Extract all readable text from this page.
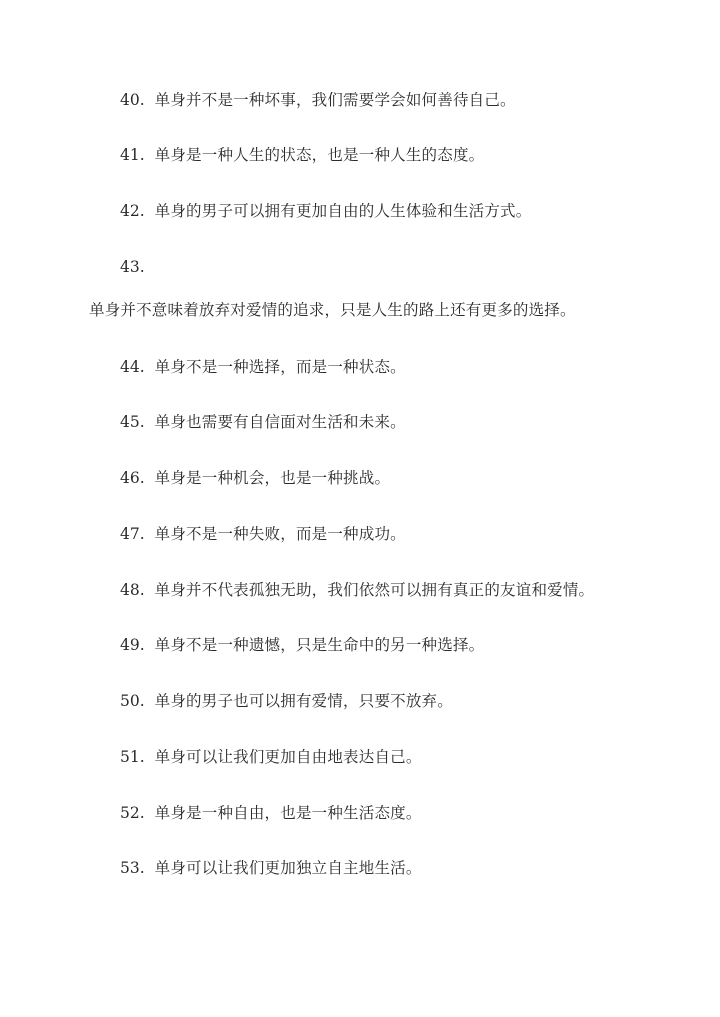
40. 单身并不是一种坏事，我们需要学会如何善待自己。
41. 单身是一种人生的状态，也是一种人生的态度。
42. 单身的男子可以拥有更加自由的人生体验和生活方式。
43.
单身并不意味着放弃对爱情的追求，只是人生的路上还有更多的选择。
44. 单身不是一种选择，而是一种状态。
45. 单身也需要有自信面对生活和未来。
46. 单身是一种机会，也是一种挑战。
47. 单身不是一种失败，而是一种成功。
48. 单身并不代表孤独无助，我们依然可以拥有真正的友谊和爱情。
49. 单身不是一种遗憾，只是生命中的另一种选择。
50. 单身的男子也可以拥有爱情，只要不放弃。
51. 单身可以让我们更加自由地表达自己。
52. 单身是一种自由，也是一种生活态度。
53. 单身可以让我们更加独立自主地生活。
